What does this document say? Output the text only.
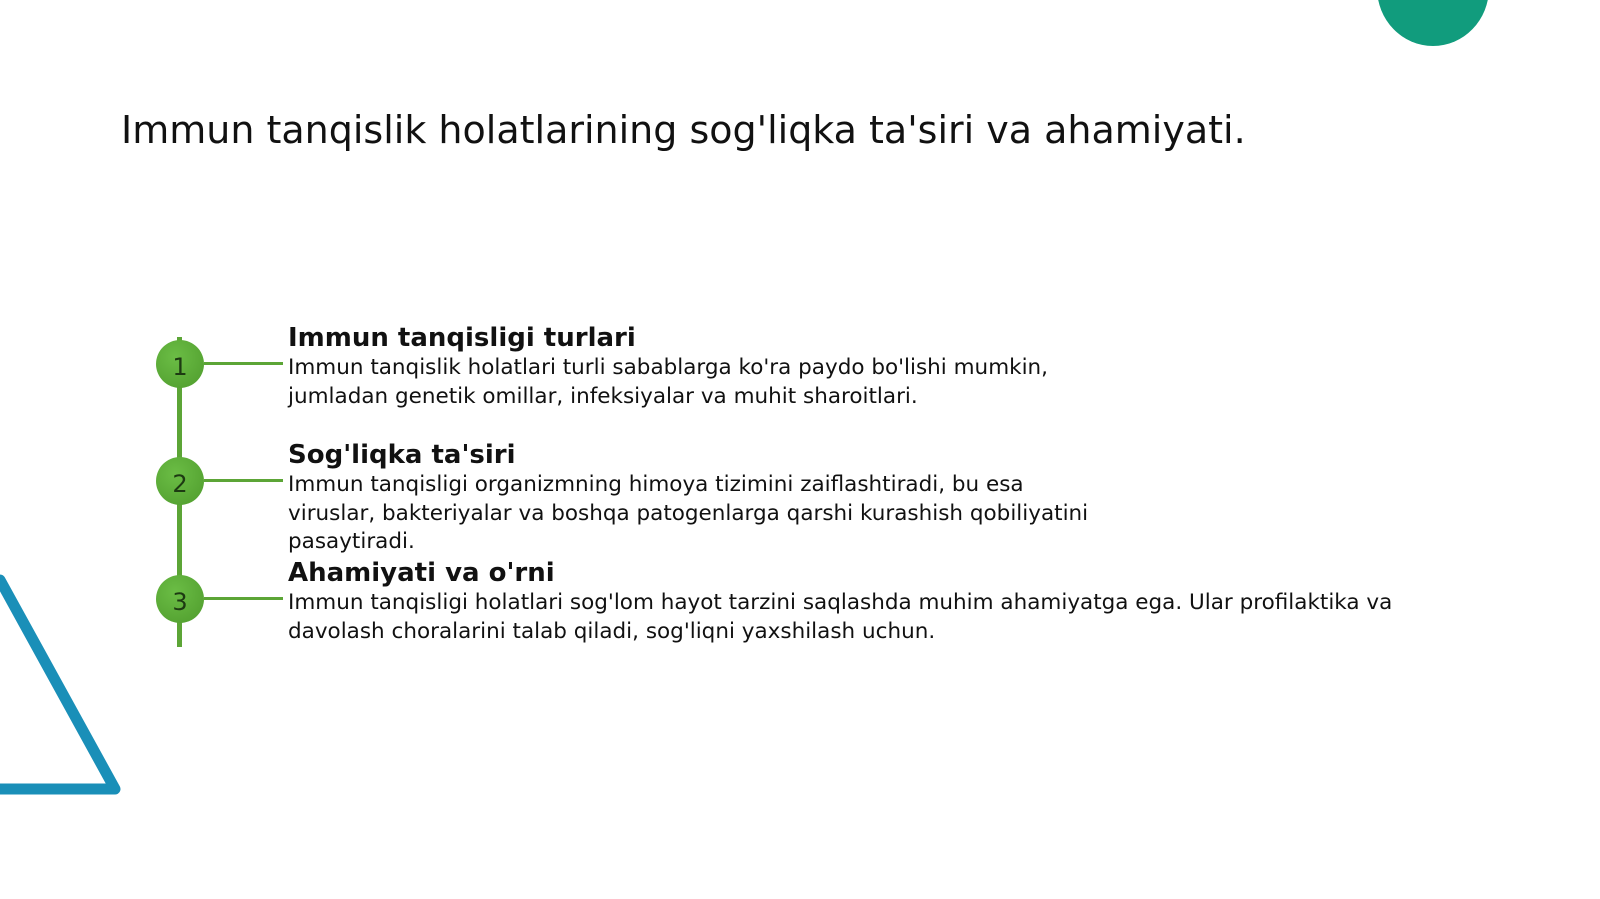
Immun tanqislik holatlarining sog'liqka ta'siri va ahamiyati.
1

Immun tanqisligi turlari

Immun tanqislik holatlari turli sabablarga ko'ra paydo bo'lishi mumkin,
jumladan genetik omillar, infeksiyalar va muhit sharoitlari.

2

Sog'liqka ta'siri

Immun tanqisligi organizmning himoya tizimini zaiflashtiradi, bu esa
viruslar, bakteriyalar va boshqa patogenlarga qarshi kurashish qobiliyatini
pasaytiradi.

3

Ahamiyati va o'rni

Immun tanqisligi holatlari sog'lom hayot tarzini saqlashda muhim ahamiyatga ega. Ular profilaktika va
davolash choralarini talab qiladi, sog'liqni yaxshilash uchun.
